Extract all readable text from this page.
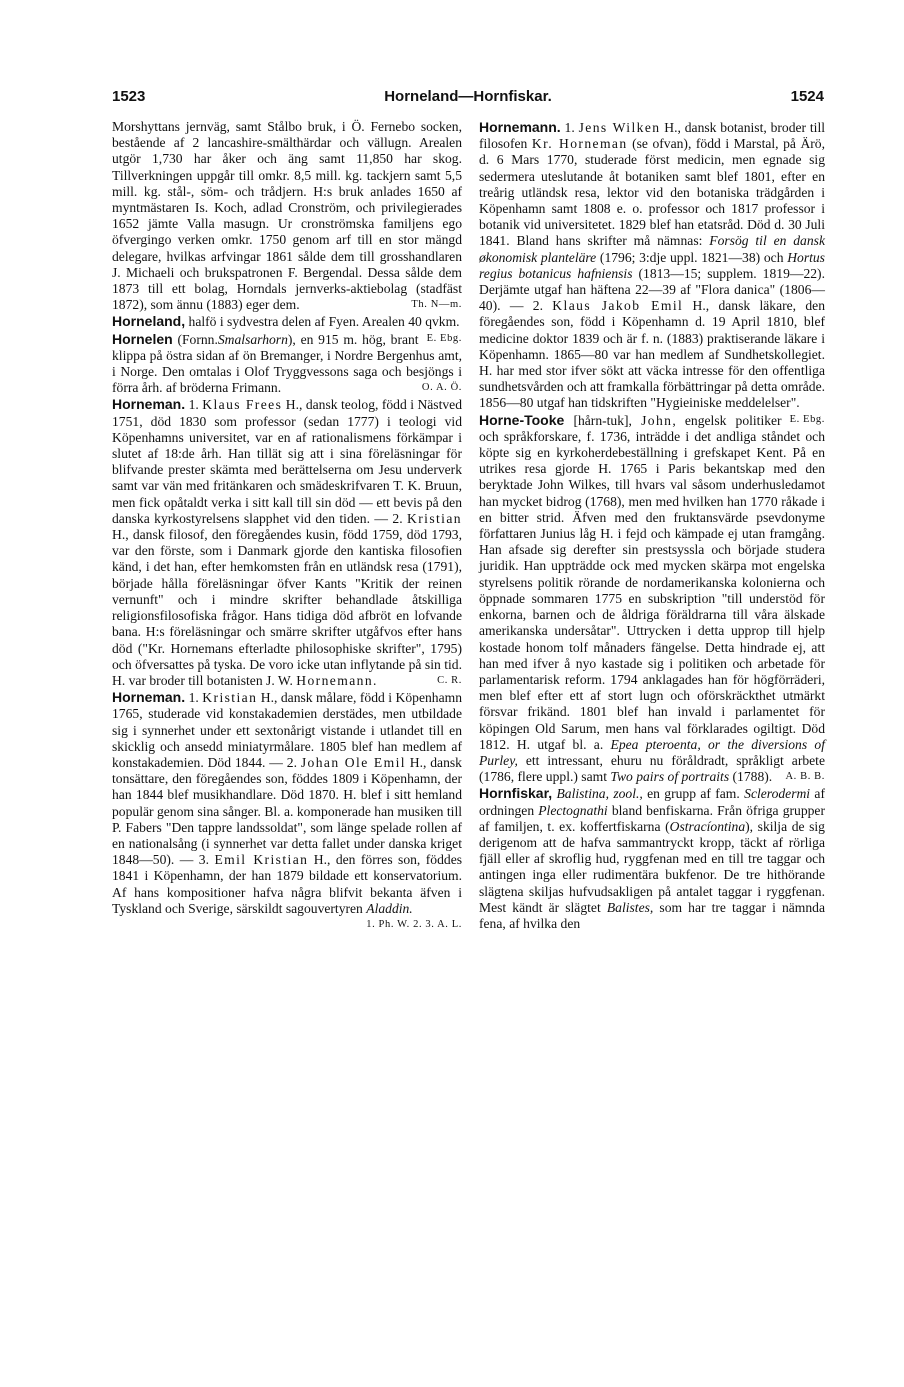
1523	Horneland—Hornfiskar.	1524

Morshyttans jernväg, samt Stålbo bruk, i Ö. Fernebo socken, bestående af 2 lancashire-smälthärdar och vällugn. Arealen utgör 1,730 har åker och äng samt 11,850 har skog. Tillverkningen uppgår till omkr. 8,5 mill. kg. tackjern samt 5,5 mill. kg. stål-, söm- och trådjern. H:s bruk anlades 1650 af myntmästaren Is. Koch, adlad Cronström, och privilegierades 1652 jämte Valla masugn. Ur cronströmska familjens ego öfvergingo verken omkr. 1750 genom arf till en stor mängd delegare, hvilkas arfvingar 1861 sålde dem till grosshandlaren J. Michaeli och brukspatronen F. Bergendal. Dessa sålde dem 1873 till ett bolag, Horndals jernverks-aktiebolag (stadfäst 1872), som ännu (1883) eger dem.	Th. N—m.

Horneland, halfö i sydvestra delen af Fyen. Arealen 40 qvkm.
E. Ebg.

Hornelen (Fornn.Smalsarhorn), en 915 m. hög, brant klippa på östra sidan af ön Bremanger, i Nordre Bergenhus amt, i Norge. Den omtalas i Olof Tryggvessons saga och besjöngs i förra årh. af bröderna Frimann.	O. A. Ö.

Horneman. 1. Klaus Frees H., dansk teolog, född i Nästved 1751, död 1830 som professor (sedan 1777) i teologi vid Köpenhamns universitet, var en af rationalismens förkämpar i slutet af 18:de årh. Han tillät sig att i sina föreläsningar för blifvande prester skämta med berättelserna om Jesu underverk samt var vän med fritänkaren och smädeskrifvaren T. K. Bruun, men fick opåtaldt verka i sitt kall till sin död — ett bevis på den danska kyrkostyrelsens slapphet vid den tiden. — 2. Kristian H., dansk filosof, den föregåendes kusin, född 1759, död 1793, var den förste, som i Danmark gjorde den kantiska filosofien känd, i det han, efter hemkomsten från en utländsk resa (1791), började hålla föreläsningar öfver Kants "Kritik der reinen vernunft" och i mindre skrifter behandlade åtskilliga religionsfilosofiska frågor. Hans tidiga död afbröt en lofvande bana. H:s föreläsningar och smärre skrifter utgåfvos efter hans död ("Kr. Hornemans efterladte philosophiske skrifter", 1795) och öfversattes på tyska. De voro icke utan inflytande på sin tid. H. var broder till botanisten J. W. Hornemann.	C. R.

Horneman. 1. Kristian H., dansk målare, född i Köpenhamn 1765, studerade vid konstakademien derstädes, men utbildade sig i synnerhet under ett sextonårigt vistande i utlandet till en skicklig och ansedd miniatyrmålare. 1805 blef han medlem af konstakademien. Död 1844. — 2. Johan Ole Emil H., dansk tonsättare, den föregåendes son, föddes 1809 i Köpenhamn, der han 1844 blef musikhandlare. Död 1870. H. blef i sitt hemland populär genom sina sånger. Bl. a. komponerade han musiken till P. Fabers "Den tappre landssoldat", som länge spelade rollen af en nationalsång (i synnerhet var detta fallet under danska kriget 1848—50). — 3. Emil Kristian H., den förres son, föddes 1841 i Köpenhamn, der han 1879 bildade ett konservatorium. Af hans kompositioner hafva några blifvit bekanta äfven i Tyskland och Sverige, särskildt sagouvertyren Aladdin.
1. Ph. W. 2. 3. A. L.

Hornemann. 1. Jens Wilken H., dansk botanist, broder till filosofen Kr. Horneman (se ofvan), född i Marstal, på Ärö, d. 6 Mars 1770, studerade först medicin, men egnade sig sedermera uteslutande åt botaniken samt blef 1801, efter en treårig utländsk resa, lektor vid den botaniska trädgården i Köpenhamn samt 1808 e. o. professor och 1817 professor i botanik vid universitetet. 1829 blef han etatsråd. Död d. 30 Juli 1841. Bland hans skrifter må nämnas: Forsög til en dansk økonomisk planteläre (1796; 3:dje uppl. 1821—38) och Hortus regius botanicus hafniensis (1813—15; supplem. 1819—22). Derjämte utgaf han häftena 22—39 af "Flora danica" (1806—40). — 2. Klaus Jakob Emil H., dansk läkare, den föregåendes son, född i Köpenhamn d. 19 April 1810, blef medicine doktor 1839 och är f. n. (1883) praktiserande läkare i Köpenhamn. 1865—80 var han medlem af Sundhetskollegiet. H. har med stor ifver sökt att väcka intresse för den offentliga sundhetsvården och att framkalla förbättringar på detta område. 1856—80 utgaf han tidskriften "Hygieiniske meddelelser".
E. Ebg.

Horne-Tooke [hårn-tuk], John, engelsk politiker och språkforskare, f. 1736, inträdde i det andliga ståndet och köpte sig en kyrkoherdebeställning i grefskapet Kent. På en utrikes resa gjorde H. 1765 i Paris bekantskap med den beryktade John Wilkes, till hvars val såsom underhusledamot han mycket bidrog (1768), men med hvilken han 1770 råkade i en bitter strid. Äfven med den fruktansvärde psevdonyme författaren Junius låg H. i fejd och kämpade ej utan framgång. Han afsade sig derefter sin prestsyssla och började studera juridik. Han uppträdde ock med mycken skärpa mot engelska styrelsens politik rörande de nordamerikanska kolonierna och öppnade sommaren 1775 en subskription "till understöd för enkorna, barnen och de åldriga föräldrarna till våra älskade amerikanska undersåtar". Uttrycken i detta upprop till hjelp kostade honom tolf månaders fängelse. Detta hindrade ej, att han med ifver å nyo kastade sig i politiken och arbetade för parlamentarisk reform. 1794 anklagades han för högförräderi, men blef efter ett af stort lugn och oförskräckthet utmärkt försvar frikänd. 1801 blef han invald i parlamentet för köpingen Old Sarum, men hans val förklarades ogiltigt. Död 1812. H. utgaf bl. a. Epea pteroenta, or the diversions of Purley, ett intressant, ehuru nu föråldradt, språkligt arbete (1786, flere uppl.) samt Two pairs of portraits (1788). A. B. B.

Hornfiskar, Balistina, zool., en grupp af fam. Sclerodermi af ordningen Plectognathi bland benfiskarna. Från öfriga grupper af familjen, t. ex. koffertfiskarna (Ostracíontina), skilja de sig derigenom att de hafva sammantryckt kropp, täckt af rörliga fjäll eller af skroflig hud, ryggfenan med en till tre taggar och antingen inga eller rudimentära bukfenor. De tre hithörande slägtena skiljas hufvudsakligen på antalet taggar i ryggfenan. Mest kändt är slägtet Balistes, som har tre taggar i nämnda fena, af hvilka den
